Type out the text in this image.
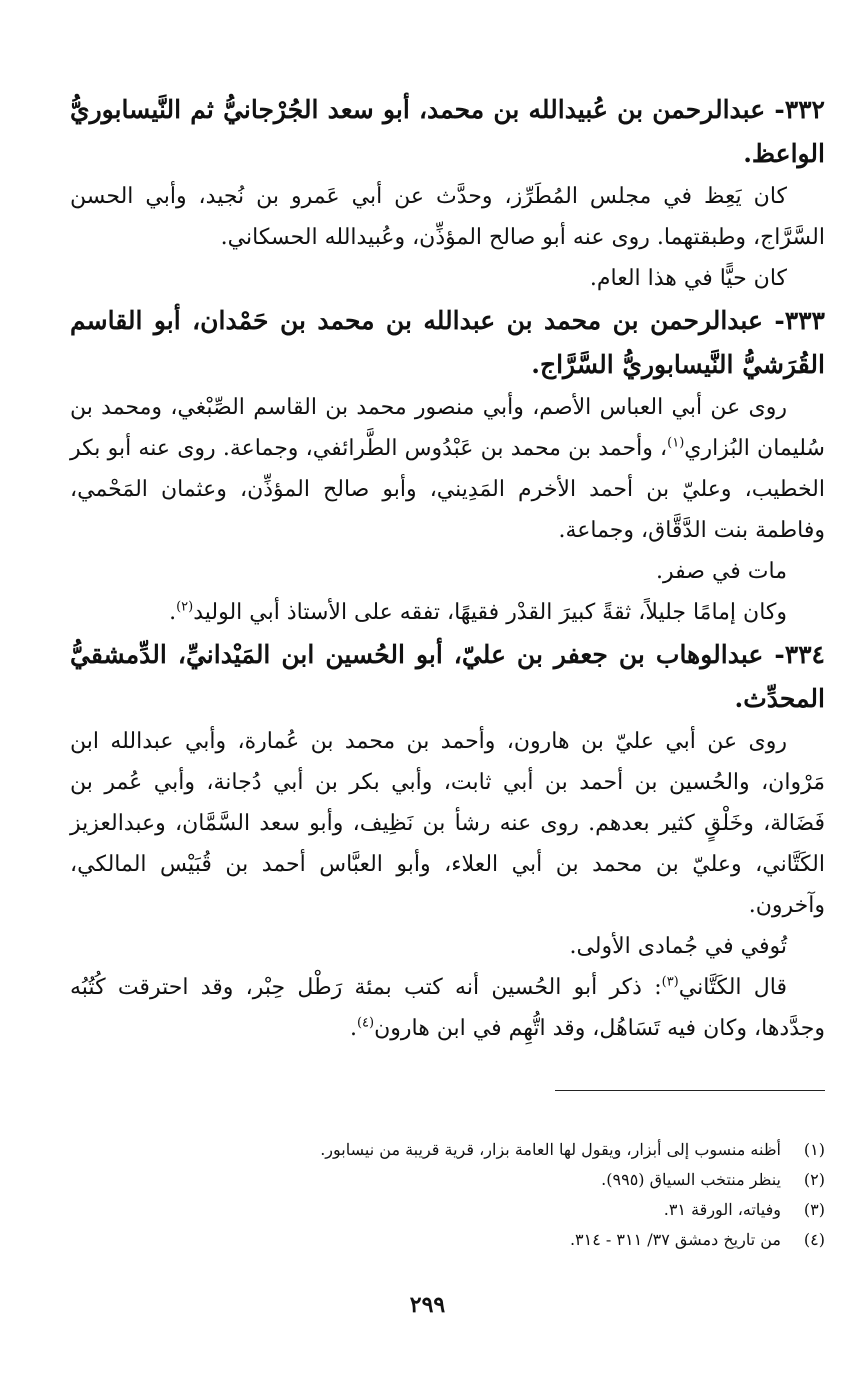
٣٣٢- عبدالرحمن بن عُبيدالله بن محمد، أبو سعد الجُرْجانيُّ ثم النَّيسابوريُّ الواعظ.

كان يَعِظ في مجلس المُطَرِّز، وحدَّث عن أبي عَمرو بن نُجيد، وأبي الحسن السَّرَّاج، وطبقتهما. روى عنه أبو صالح المؤذِّن، وعُبيدالله الحسكاني.

كان حيًّا في هذا العام.

٣٣٣- عبدالرحمن بن محمد بن عبدالله بن محمد بن حَمْدان، أبو القاسم القُرَشيُّ النَّيسابوريُّ السَّرَّاج.

روى عن أبي العباس الأصم، وأبي منصور محمد بن القاسم الصِّبْغي، ومحمد بن سُليمان البُزاري$^{(١)}$، وأحمد بن محمد بن عَبْدُوس الطَّرائفي، وجماعة. روى عنه أبو بكر الخطيب، وعليّ بن أحمد الأخرم المَدِيني، وأبو صالح المؤذِّن، وعثمان المَحْمي، وفاطمة بنت الدَّقَّاق، وجماعة.

مات في صفر.

وكان إمامًا جليلاً، ثقةً كبيرَ القدْر فقيهًا، تفقه على الأستاذ أبي الوليد$^{(٢)}$.

٣٣٤- عبدالوهاب بن جعفر بن عليّ، أبو الحُسين ابن المَيْدانيِّ، الدِّمشقيُّ المحدِّث.

روى عن أبي عليّ بن هارون، وأحمد بن محمد بن عُمارة، وأبي عبدالله ابن مَرْوان، والحُسين بن أحمد بن أبي ثابت، وأبي بكر بن أبي دُجانة، وأبي عُمر بن فَضَالة، وخَلْقٍ كثير بعدهم. روى عنه رشأ بن نَظِيف، وأبو سعد السَّمَّان، وعبدالعزيز الكَتَّاني، وعليّ بن محمد بن أبي العلاء، وأبو العبَّاس أحمد بن قُبَيْس المالكي، وآخرون.

تُوفي في جُمادى الأولى.

قال الكَتَّاني$^{(٣)}$: ذكر أبو الحُسين أنه كتب بمئة رَطْل حِبْر، وقد احترقت كُتُبُه وجدَّدها، وكان فيه تَسَاهُل، وقد اتُّهِم في ابن هارون$^{(٤)}$.

(١)
أظنه منسوب إلى أبزار، ويقول لها العامة بزار، قرية قريبة من نيسابور.
(٢)
ينظر منتخب السياق (٩٩٥).
(٣)
وفياته، الورقة ٣١.
(٤)
من تاريخ دمشق ٣٧/ ٣١١ - ٣١٤.
٢٩٩
